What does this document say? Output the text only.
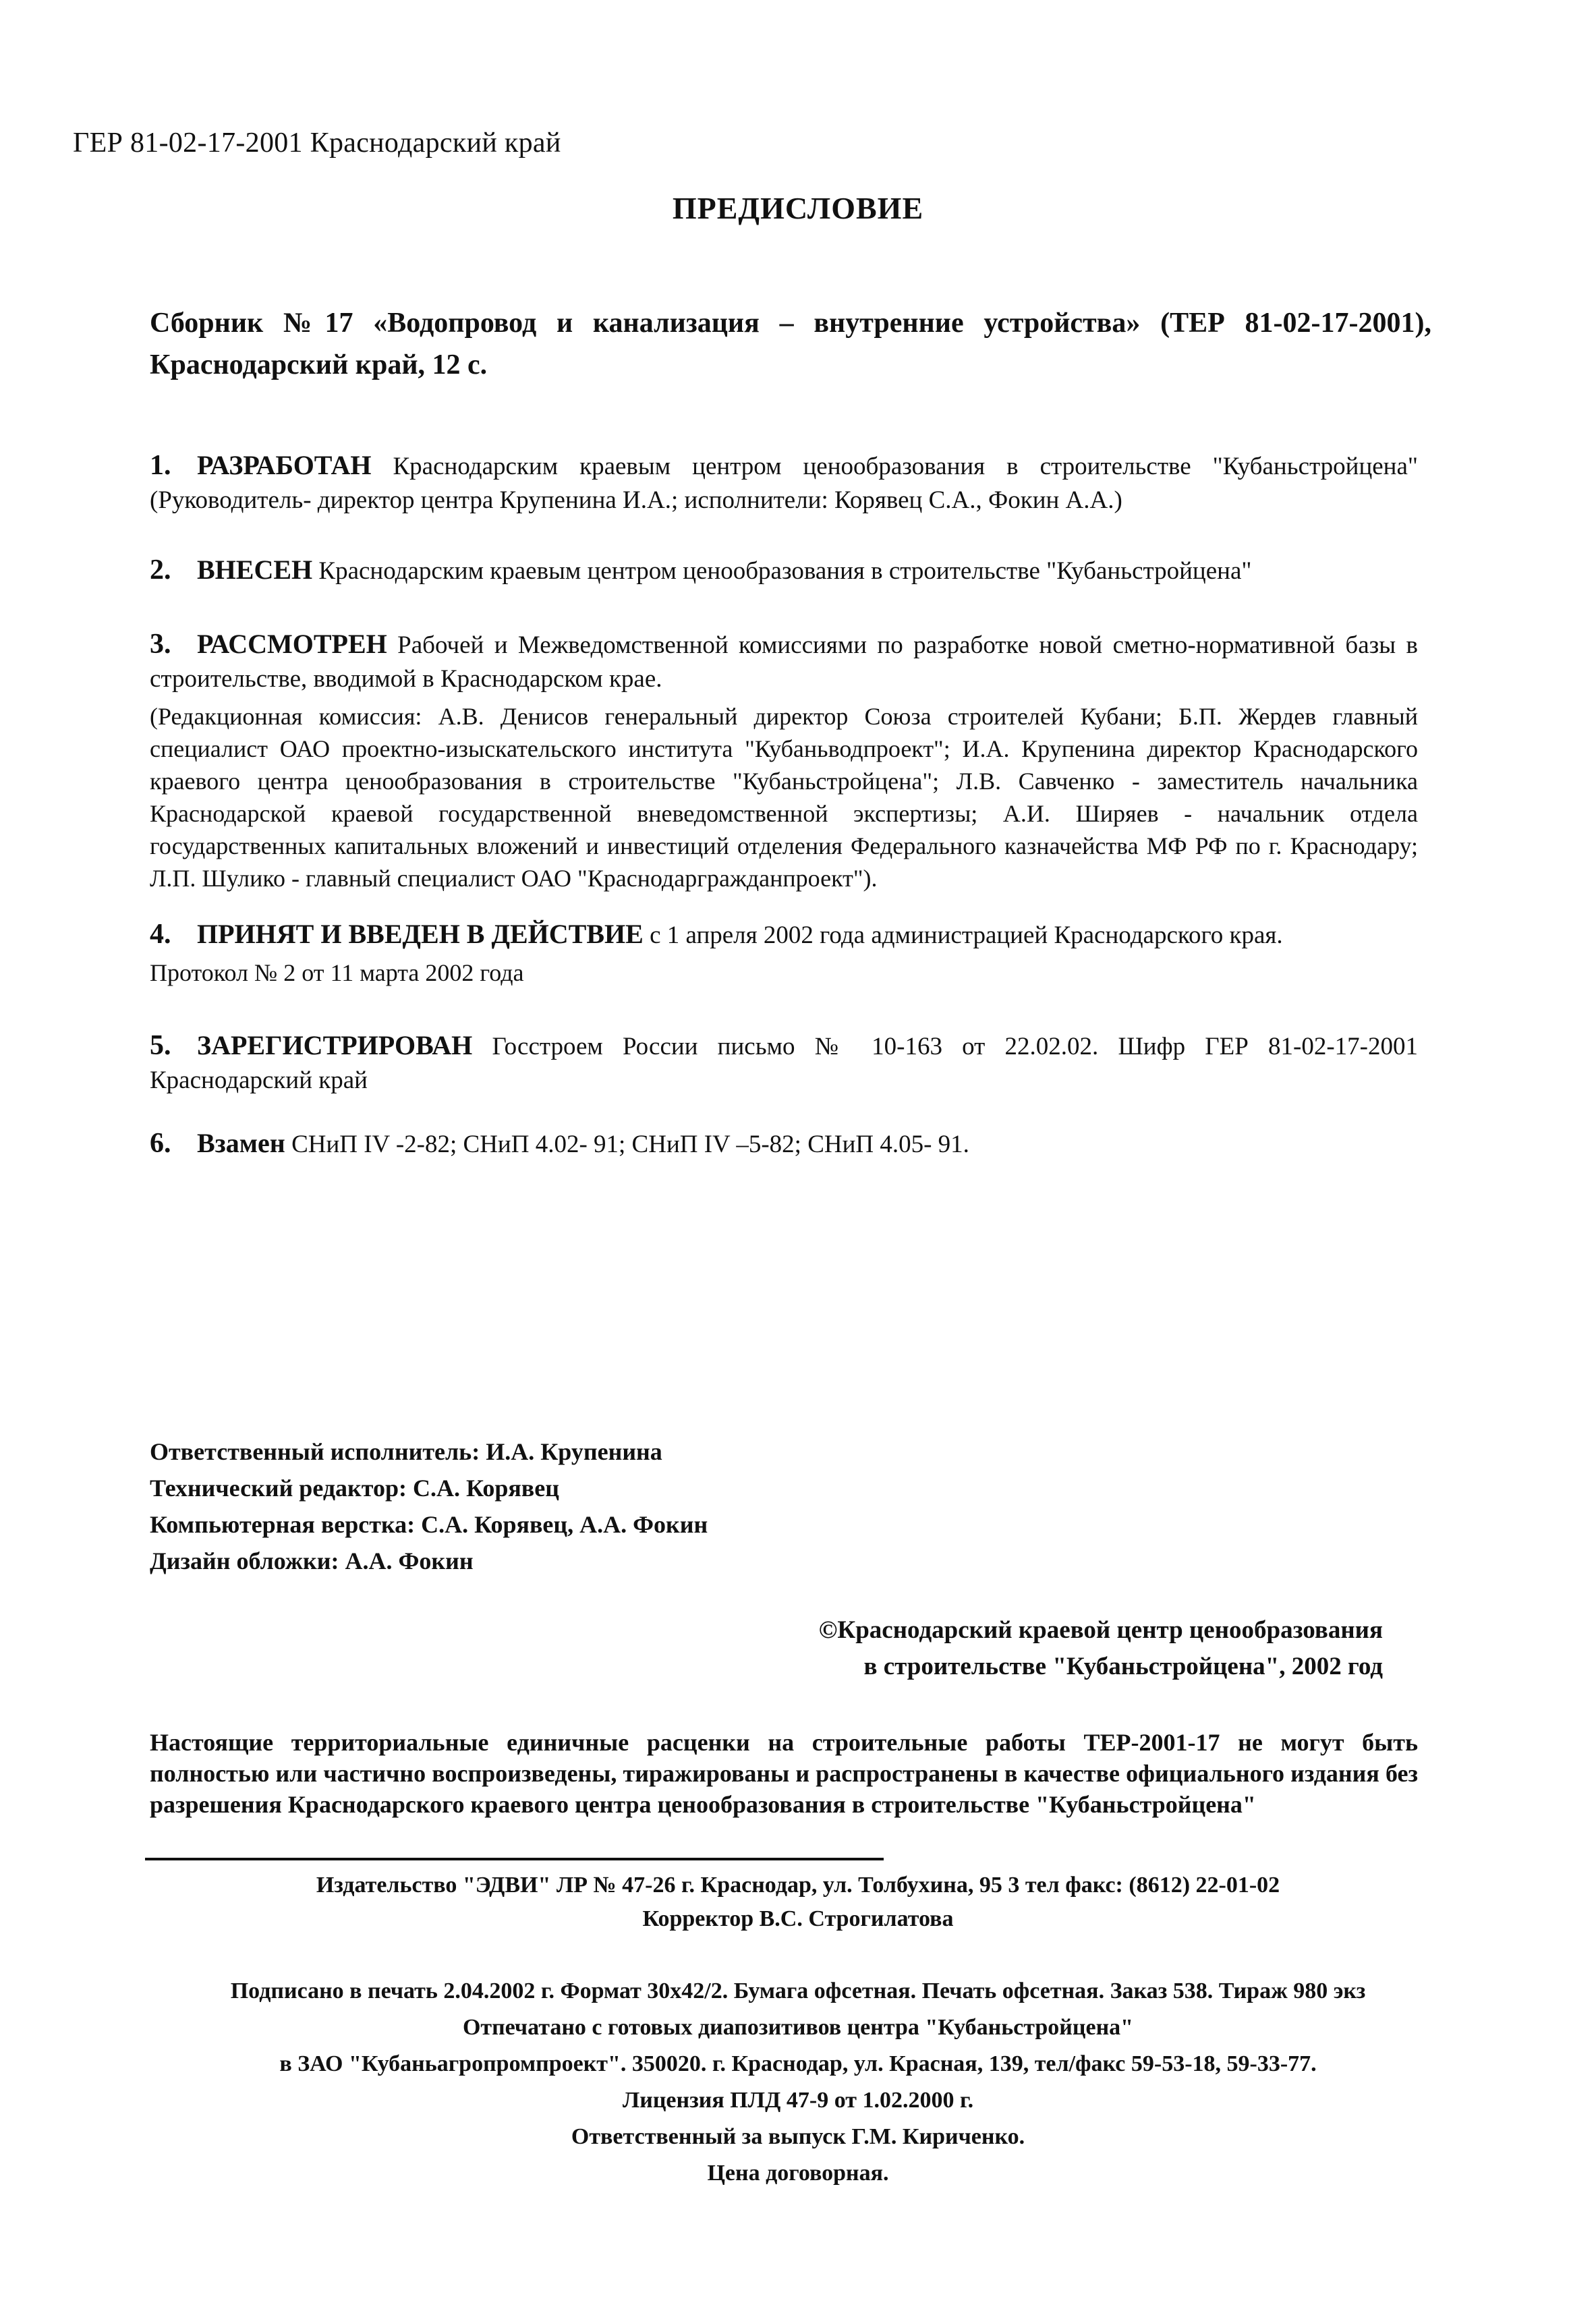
ГЕР 81-02-17-2001 Краснодарский край
ПРЕДИСЛОВИЕ
Сборник №17 «Водопровод и канализация – внутренние устройства» (ТЕР 81-02-17-2001), Краснодарский край, 12 с.
1. РАЗРАБОТАН Краснодарским краевым центром ценообразования в строительстве "Кубаньстройцена" (Руководитель- директор центра Крупенина И.А.; исполнители: Корявец С.А., Фокин А.А.)
2. ВНЕСЕН Краснодарским краевым центром ценообразования в строительстве "Кубаньстройцена"
3. РАССМОТРЕН Рабочей и Межведомственной комиссиями по разработке новой сметно-нормативной базы в строительстве, вводимой в Краснодарском крае.
(Редакционная комиссия: А.В. Денисов генеральный директор Союза строителей Кубани; Б.П. Жердев главный специалист ОАО проектно-изыскательского института "Кубаньводпроект"; И.А. Крупенина директор Краснодарского краевого центра ценообразования в строительстве "Кубаньстройцена"; Л.В. Савченко - заместитель начальника Краснодарской краевой государственной вневедомственной экспертизы; А.И. Ширяев - начальник отдела государственных капитальных вложений и инвестиций отделения Федерального казначейства МФ РФ по г. Краснодару; Л.П. Шулико - главный специалист ОАО "Краснодаргражданпроект").
4. ПРИНЯТ И ВВЕДЕН В ДЕЙСТВИЕ с 1 апреля 2002 года администрацией Краснодарского края.
Протокол № 2 от 11 марта 2002 года
5. ЗАРЕГИСТРИРОВАН Госстроем России письмо № 10-163 от 22.02.02. Шифр ГЕР 81-02-17-2001 Краснодарский край
6. Взамен СНиП IV -2-82; СНиП 4.02- 91; СНиП IV –5-82; СНиП 4.05- 91.
Ответственный исполнитель: И.А. Крупенина
Технический редактор: С.А. Корявец
Компьютерная верстка: С.А. Корявец, А.А. Фокин
Дизайн обложки: А.А. Фокин
©Краснодарский краевой центр ценообразования
в строительстве "Кубаньстройцена", 2002 год
Настоящие территориальные единичные расценки на строительные работы ТЕР-2001-17 не могут быть полностью или частично воспроизведены, тиражированы и распространены в качестве официального издания без разрешения Краснодарского краевого центра ценообразования в строительстве "Кубаньстройцена"
Издательство "ЭДВИ" ЛР № 47-26 г. Краснодар, ул. Толбухина, 95 3 тел факс: (8612) 22-01-02
Корректор В.С. Строгилатова
Подписано в печать 2.04.2002 г. Формат 30х42/2. Бумага офсетная. Печать офсетная. Заказ 538. Тираж 980 экз
Отпечатано с готовых диапозитивов центра "Кубаньстройцена"
в ЗАО "Кубаньагропромпроект". 350020. г. Краснодар, ул. Красная, 139, тел/факс 59-53-18, 59-33-77.
Лицензия ПЛД 47-9 от 1.02.2000 г.
Ответственный за выпуск Г.М. Кириченко.
Цена договорная.
